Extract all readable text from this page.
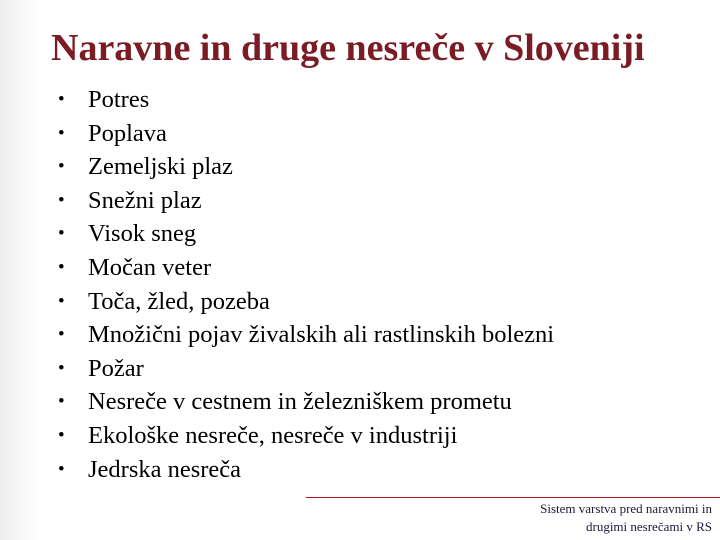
Naravne in druge nesreče v Sloveniji
• Potres
• Poplava
• Zemeljski plaz
• Snežni plaz
• Visok sneg
• Močan veter
• Toča, žled, pozeba
• Množični pojav živalskih ali rastlinskih bolezni
• Požar
• Nesreče v cestnem in železniškem prometu
• Ekološke nesreče, nesreče v industriji
• Jedrska nesreča
Sistem varstva pred naravnimi in
drugimi nesrečami v RS
